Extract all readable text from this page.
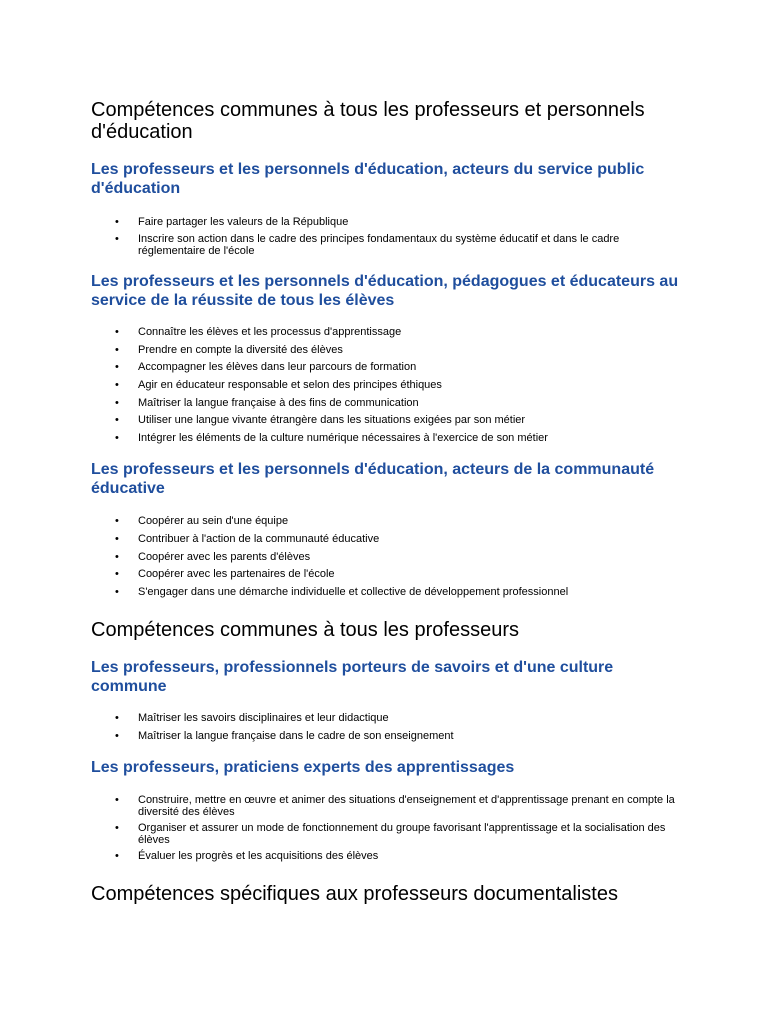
Compétences communes à tous les professeurs et personnels d'éducation
Les professeurs et les personnels d'éducation, acteurs du service public d'éducation
• Faire partager les valeurs de la République
• Inscrire son action dans le cadre des principes fondamentaux du système éducatif et dans le cadre réglementaire de l'école
Les professeurs et les personnels d'éducation, pédagogues et éducateurs au service de la réussite de tous les élèves
• Connaître les élèves et les processus d'apprentissage
• Prendre en compte la diversité des élèves
• Accompagner les élèves dans leur parcours de formation
• Agir en éducateur responsable et selon des principes éthiques
• Maîtriser la langue française à des fins de communication
• Utiliser une langue vivante étrangère dans les situations exigées par son métier
• Intégrer les éléments de la culture numérique nécessaires à l'exercice de son métier
Les professeurs et les personnels d'éducation, acteurs de la communauté éducative
• Coopérer au sein d'une équipe
• Contribuer à l'action de la communauté éducative
• Coopérer avec les parents d'élèves
• Coopérer avec les partenaires de l'école
• S'engager dans une démarche individuelle et collective de développement professionnel
Compétences communes à tous les professeurs
Les professeurs, professionnels porteurs de savoirs et d'une culture commune
• Maîtriser les savoirs disciplinaires et leur didactique
• Maîtriser la langue française dans le cadre de son enseignement
Les professeurs, praticiens experts des apprentissages
• Construire, mettre en œuvre et animer des situations d'enseignement et d'apprentissage prenant en compte la diversité des élèves
• Organiser et assurer un mode de fonctionnement du groupe favorisant l'apprentissage et la socialisation des élèves
• Évaluer les progrès et les acquisitions des élèves
Compétences spécifiques aux professeurs documentalistes
